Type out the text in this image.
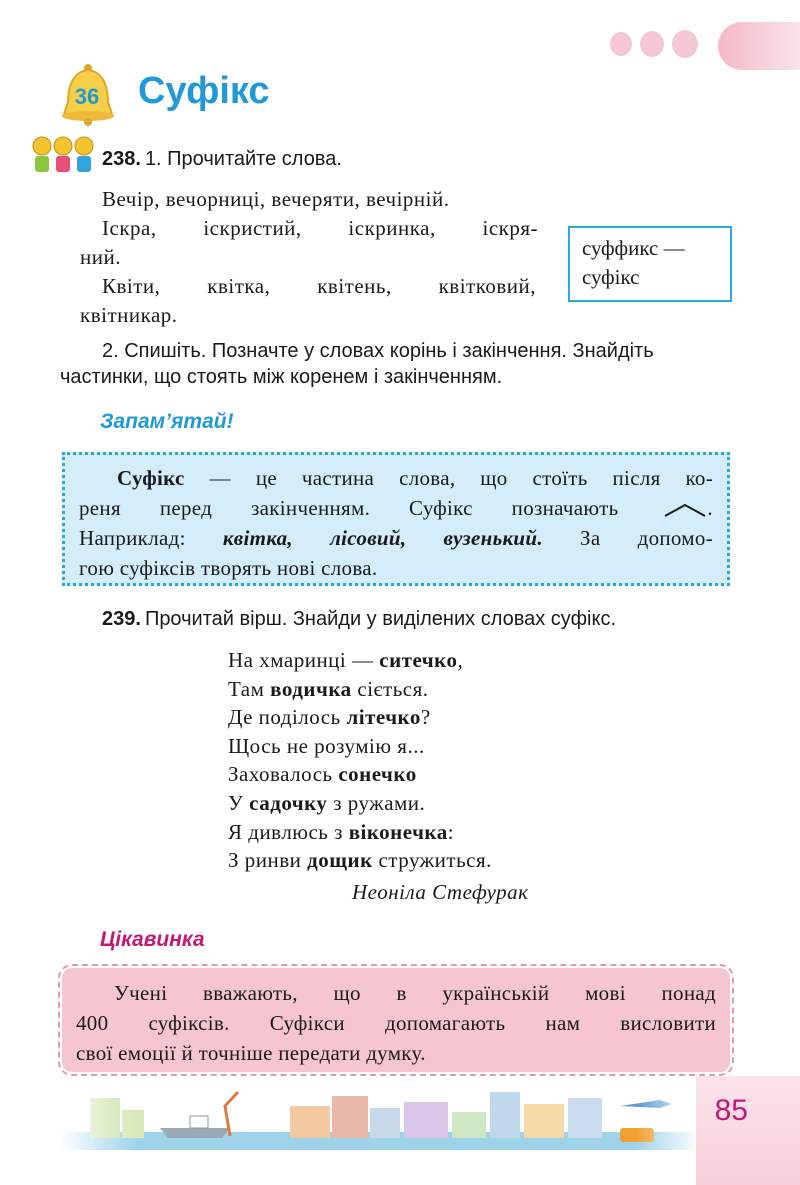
36	Суфікс
238. 1. Прочитайте слова.
Вечір, вечорниці, вечеряти, вечірній.
Іскра, іскристий, іскринка, іскря-
ний.
Квіти, квітка, квітень, квітковий,
квітникар.
суффикс —
суфікс
2. Спишіть. Позначте у словах корінь і закінчення. Знайдіть
частинки, що стоять між коренем і закінченням.
Запам’ятай!
Суфікс — це частина слова, що стоїть після ко-
реня перед закінченням. Суфікс позначають	.
Наприклад: квітка, лісовий, вузенький. За допомо-
гою суфіксів творять нові слова.
239. Прочитай вірш. Знайди у виділених словах суфікс.
На хмаринці — ситечко,
Там водичка сіється.
Де поділось літечко?
Щось не розумію я...
Заховалось сонечко
У садочку з ружами.
Я дивлюсь з віконечка:
З ринви дощик стружиться.
Неоніла Стефурак
Цікавинка
Учені вважають, що в українській мові понад
400 суфіксів. Суфікси допомагають нам висловити
свої емоції й точніше передати думку.
85
